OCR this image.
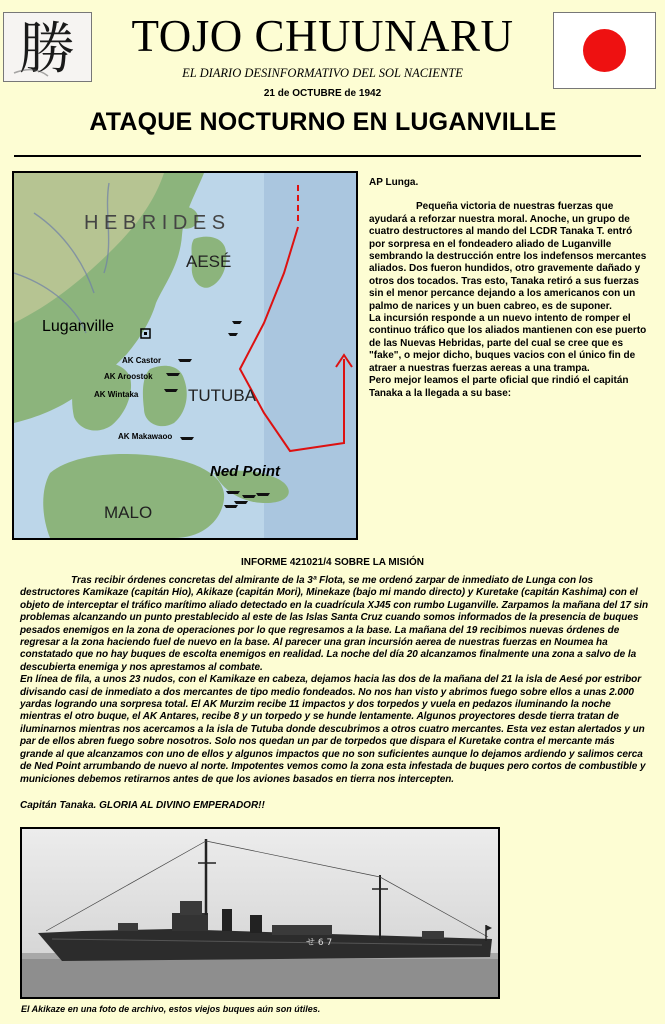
勝	TOJO CHUUNARU
EL DIARIO DESINFORMATIVO DEL SOL NACIENTE
21 de OCTUBRE de 1942
ATAQUE NOCTURNO EN LUGANVILLE
H E B R I D E S
AESÉ
Luganville
TUTUBA
Ned Point
MALO
AK Castor
AK Aroostok
AK Wintaka
AK Makawaoo

AP Lunga.

Pequeña victoria de nuestras fuerzas que ayudará a reforzar nuestra moral. Anoche, un grupo de cuatro destructores al mando del LCDR Tanaka T. entró por sorpresa en el fondeadero aliado de Luganville sembrando la destrucción entre los indefensos mercantes aliados. Dos fueron hundidos, otro gravemente dañado y otros dos tocados. Tras esto, Tanaka retiró a sus fuerzas sin el menor percance dejando a los americanos con un palmo de narices y un buen cabreo, es de suponer.

La incursión responde a un nuevo intento de romper el continuo tráfico que los aliados mantienen con ese puerto de las Nuevas Hebridas, parte del cual se cree que es "fake", o mejor dicho, buques vacios con el único fin de atraer a nuestras fuerzas aereas a una trampa.

Pero mejor leamos el parte oficial que rindió el capitán Tanaka a la llegada a su base:

INFORME 421021/4 SOBRE LA MISIÓN

Tras recibir órdenes concretas del almirante de la 3ª Flota, se me ordenó zarpar de inmediato de Lunga con los destructores Kamikaze (capitán Hio), Akikaze (capitán Mori), Minekaze (bajo mi mando directo) y Kuretake (capitán Kashima) con el objeto de interceptar el tráfico marítimo aliado detectado en la cuadrícula XJ45 con rumbo Luganville. Zarpamos la mañana del 17 sin problemas alcanzando un punto prestablecido al este de las Islas Santa Cruz cuando somos informados de la presencia de buques pesados enemigos en la zona de operaciones por lo que regresamos a la base. La mañana del 19 recibimos nuevas órdenes de regresar a la zona haciendo fuel de nuevo en la base. Al parecer una gran incursión aerea de nuestras fuerzas en Noumea ha constatado que no hay buques de escolta enemigos en realidad. La noche del día 20 alcanzamos finalmente una zona a salvo de la descubierta enemiga y nos aprestamos al combate.

En línea de fila, a unos 23 nudos, con el Kamikaze en cabeza, dejamos hacia las dos de la mañana del 21 la isla de Aesé por estribor divisando casi de inmediato a dos mercantes de tipo medio fondeados. No nos han visto y abrimos fuego sobre ellos a unas 2.000 yardas logrando una sorpresa total. El AK Murzim recibe 11 impactos y dos torpedos y vuela en pedazos iluminando la noche mientras el otro buque, el AK Antares, recibe 8 y un torpedo y se hunde lentamente. Algunos proyectores desde tierra tratan de iluminarnos mientras nos acercamos a la isla de Tutuba donde descubrimos a otros cuatro mercantes. Esta vez estan alertados y un par de ellos abren fuego sobre nosotros. Solo nos quedan un par de torpedos que dispara el Kuretake contra el mercante más grande al que alcanzamos con uno de ellos y algunos impactos que no son suficientes aunque lo dejamos ardiendo y salimos cerca de Ned Point arrumbando de nuevo al norte. Impotentes vemos como la zona esta infestada de buques pero cortos de combustible y municiones debemos retirarnos antes de que los aviones basados en tierra nos intercepten.

Capitán Tanaka. GLORIA AL DIVINO EMPERADOR!!
せ 6 7
El Akikaze en una foto de archivo, estos viejos buques aún son útiles.
